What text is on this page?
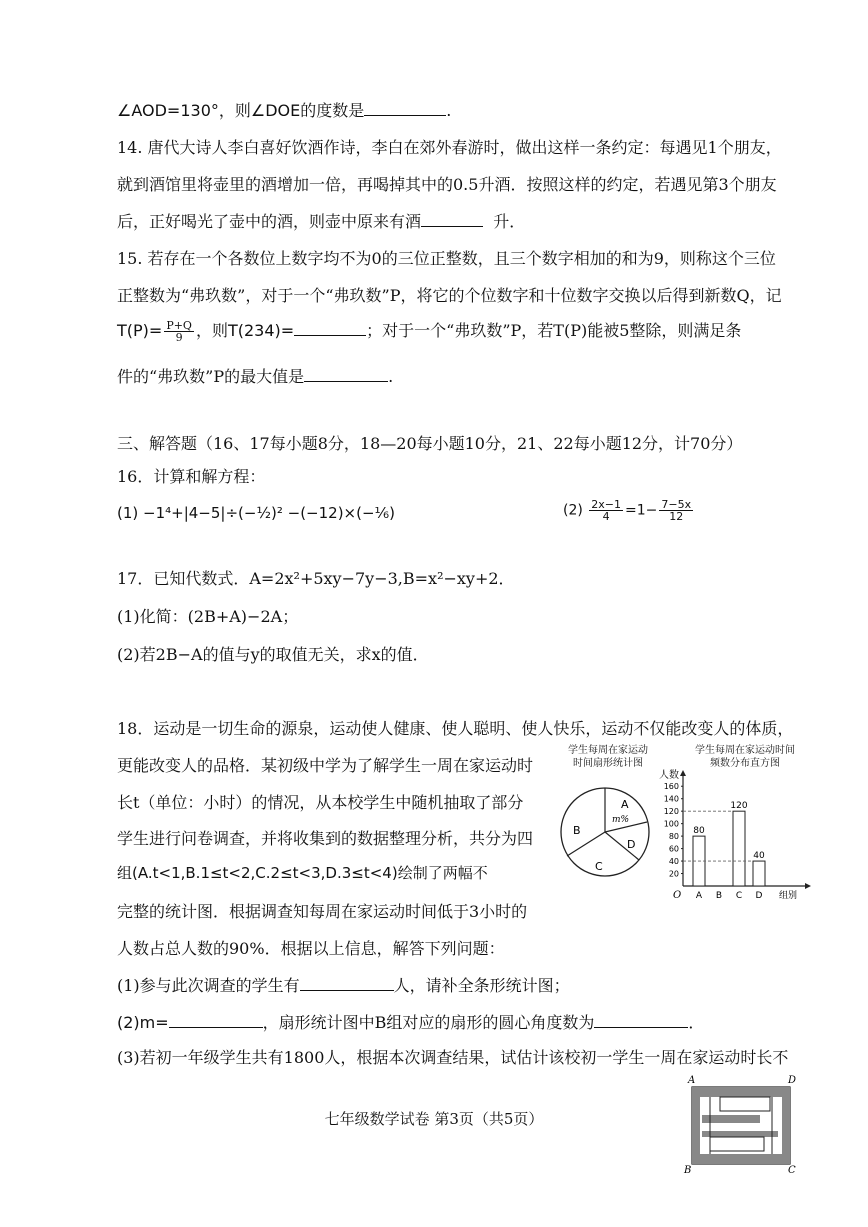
∠AOD=130°，则∠DOE的度数是	.
14. 唐代大诗人李白喜好饮酒作诗，李白在郊外春游时，做出这样一条约定：每遇见1个朋友，
就到酒馆里将壶里的酒增加一倍，再喝掉其中的0.5升酒．按照这样的约定，若遇见第3个朋友
后，正好喝光了壶中的酒，则壶中原来有酒	升．
15. 若存在一个各数位上数字均不为0的三位正整数，且三个数字相加的和为9，则称这个三位
正整数为“弗玖数”，对于一个“弗玖数”P，将它的个位数字和十位数字交换以后得到新数Q，记
$T(P)= \frac{P+Q}{9}$ ，则T(234)=	；对于一个“弗玖数”P，若T(P)能被5整除，则满足条
件的“弗玖数”P的最大值是	.
三、解答题（16、17每小题8分，18—20每小题10分，21、22每小题12分，计70分）
16．计算和解方程：
(1) −1⁴+|4−5|÷(−½)² −(−12)×(−⅙)	$(2) \frac{2x-1}{4} =1- \frac{7-5x}{12}$
17．已知代数式．A=2x²+5xy−7y−3,B=x²−xy+2．
(1)化简：(2B+A)−2A；
(2)若2B−A的值与y的取值无关，求x的值．
18．运动是一切生命的源泉，运动使人健康、使人聪明、使人快乐，运动不仅能改变人的体质，
更能改变人的品格．某初级中学为了解学生一周在家运动时
长t（单位：小时）的情况，从本校学生中随机抽取了部分
学生进行问卷调查，并将收集到的数据整理分析，共分为四
组(A.t<1,B.1≤t<2,C.2≤t<3,D.3≤t<4)绘制了两幅不
完整的统计图．根据调查知每周在家运动时间低于3小时的
人数占总人数的90%．根据以上信息，解答下列问题：
(1)参与此次调查的学生有	人，请补全条形统计图；
(2)m=	，扇形统计图中B组对应的扇形的圆心角度数为	．
(3)若初一年级学生共有1800人，根据本次调查结果，试估计该校初一学生一周在家运动时长不
学生每周在家运动
时间扇形统计图
A
m%
B
C
D
学生每周在家运动时间
频数分布直方图
人数
O
20
40
60
80
100
120
140
160
A B C D 组别
80
120
40
A	D
B	C
七年级数学试卷 第3页（共5页）
